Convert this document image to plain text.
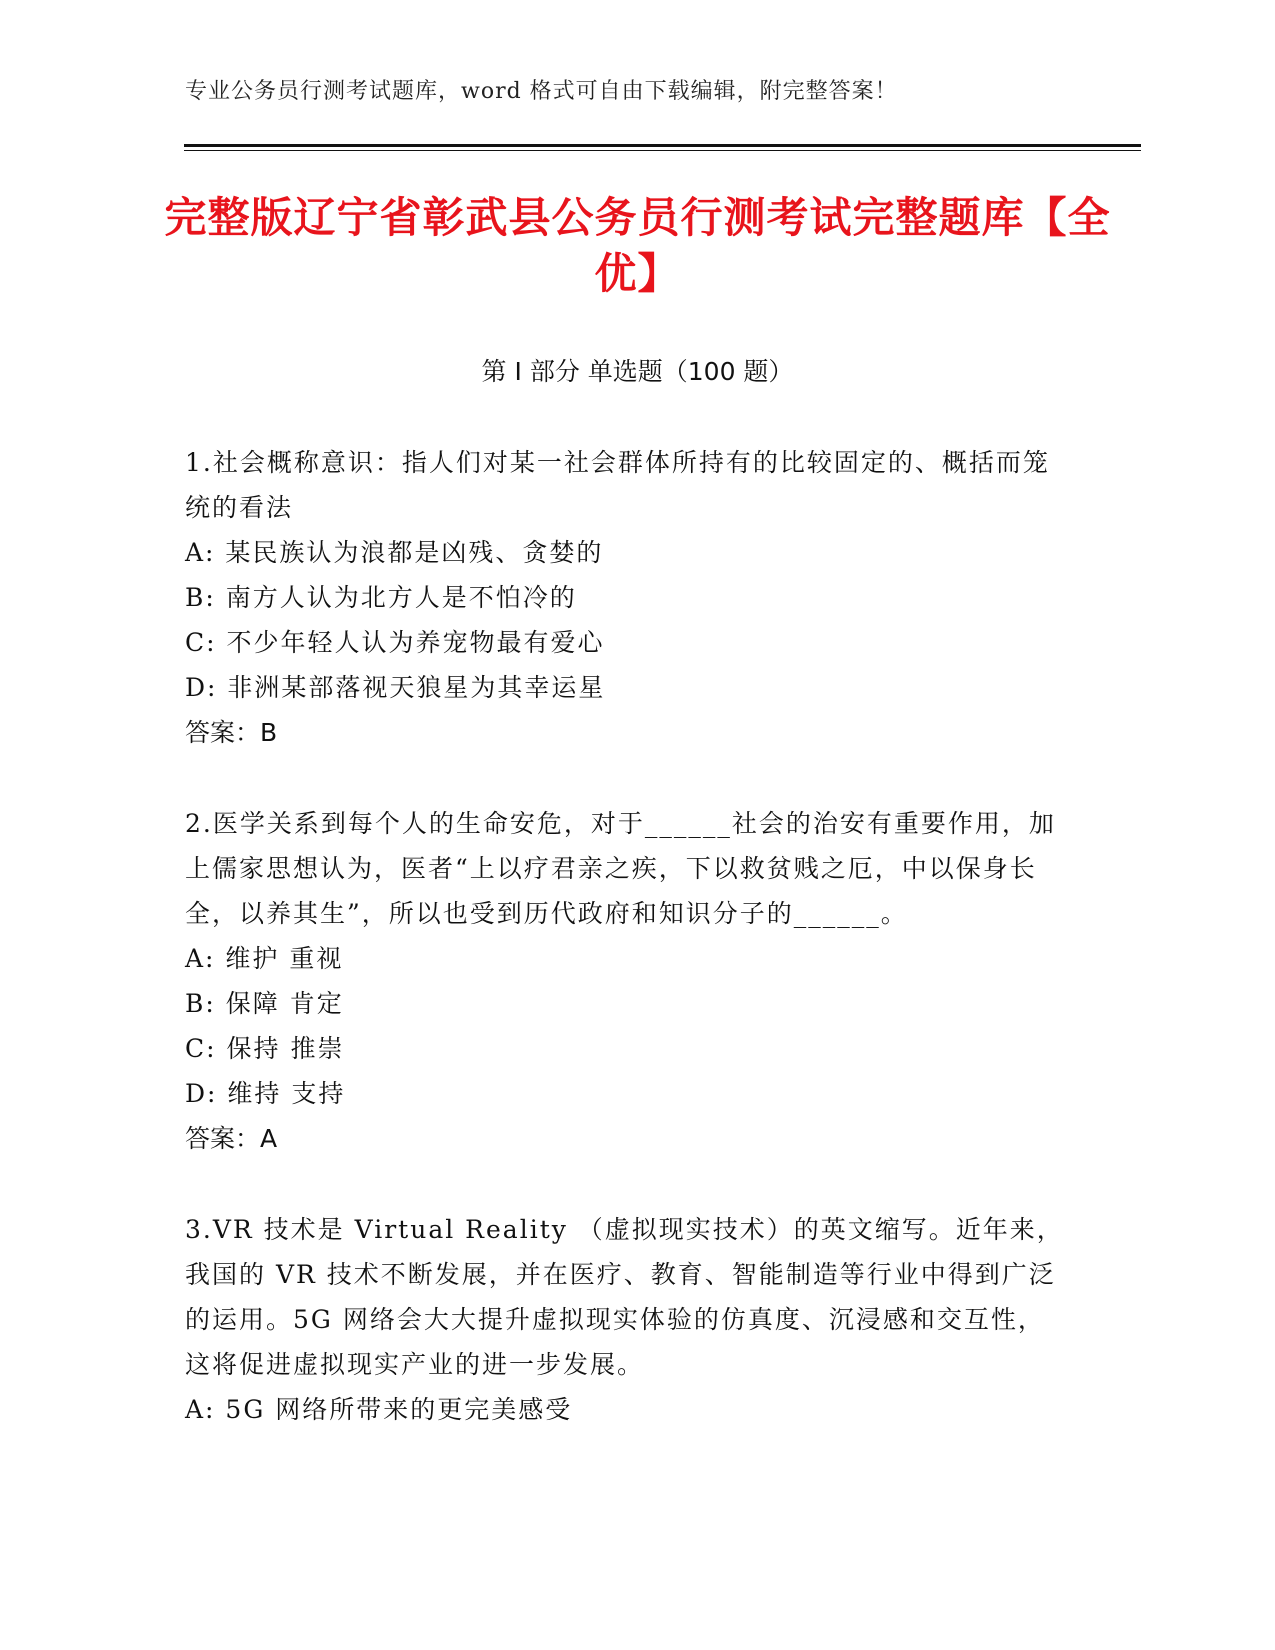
专业公务员行测考试题库，word 格式可自由下载编辑，附完整答案！
完整版辽宁省彰武县公务员行测考试完整题库【全优】
第 I 部分 单选题（100 题）

1.社会概称意识：指人们对某一社会群体所持有的比较固定的、概括而笼统的看法

A: 某民族认为浪都是凶残、贪婪的

B: 南方人认为北方人是不怕冷的

C: 不少年轻人认为养宠物最有爱心

D: 非洲某部落视天狼星为其幸运星

答案：B

2.医学关系到每个人的生命安危，对于______社会的治安有重要作用，加上儒家思想认为，医者“上以疗君亲之疾，下以救贫贱之厄，中以保身长全，以养其生”，所以也受到历代政府和知识分子的______。

A: 维护 重视

B: 保障 肯定

C: 保持 推崇

D: 维持 支持

答案：A

3.VR 技术是 Virtual Reality （虚拟现实技术）的英文缩写。近年来，我国的 VR 技术不断发展，并在医疗、教育、智能制造等行业中得到广泛的运用。5G 网络会大大提升虚拟现实体验的仿真度、沉浸感和交互性，这将促进虚拟现实产业的进一步发展。

A: 5G 网络所带来的更完美感受
